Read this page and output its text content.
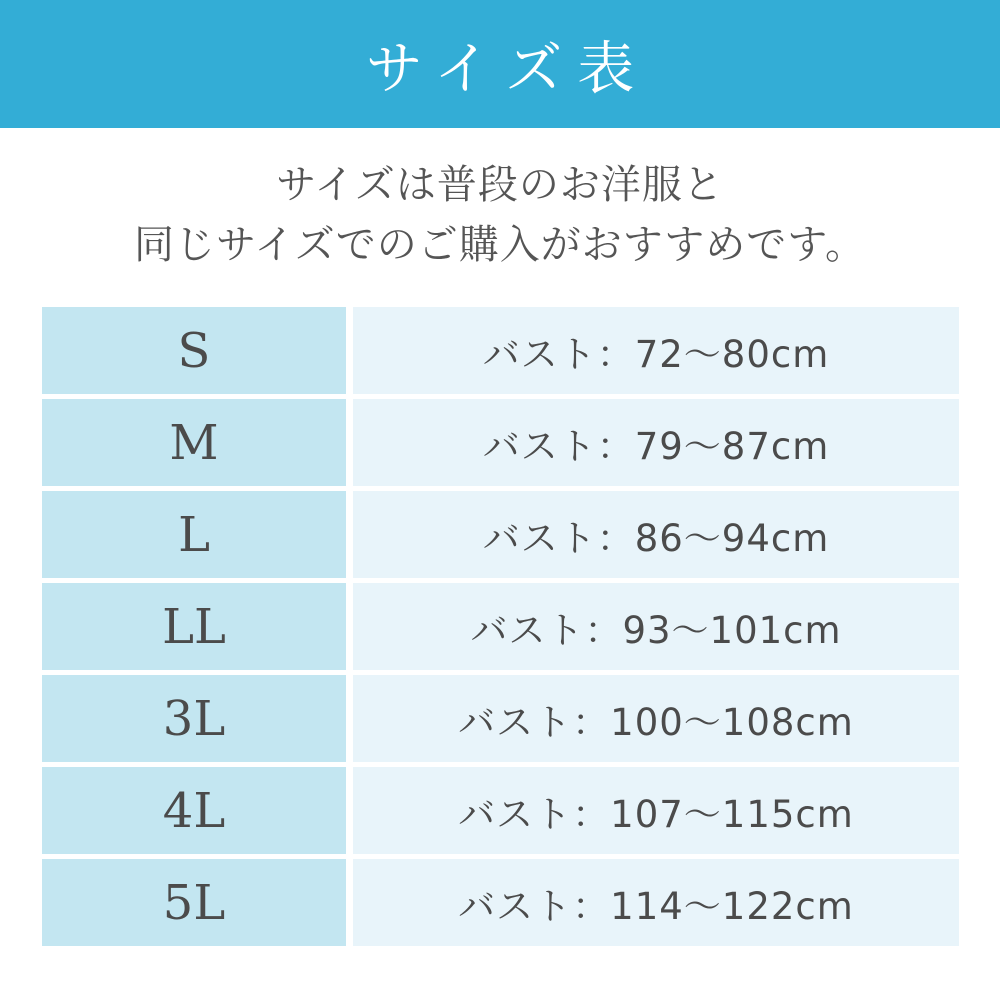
サイズ表

サイズは普段のお洋服と
同じサイズでのご購入がおすすめです。

S	バスト：72〜80cm
M	バスト：79〜87cm
L	バスト：86〜94cm
LL	バスト：93〜101cm
3L	バスト：100〜108cm
4L	バスト：107〜115cm
5L	バスト：114〜122cm
